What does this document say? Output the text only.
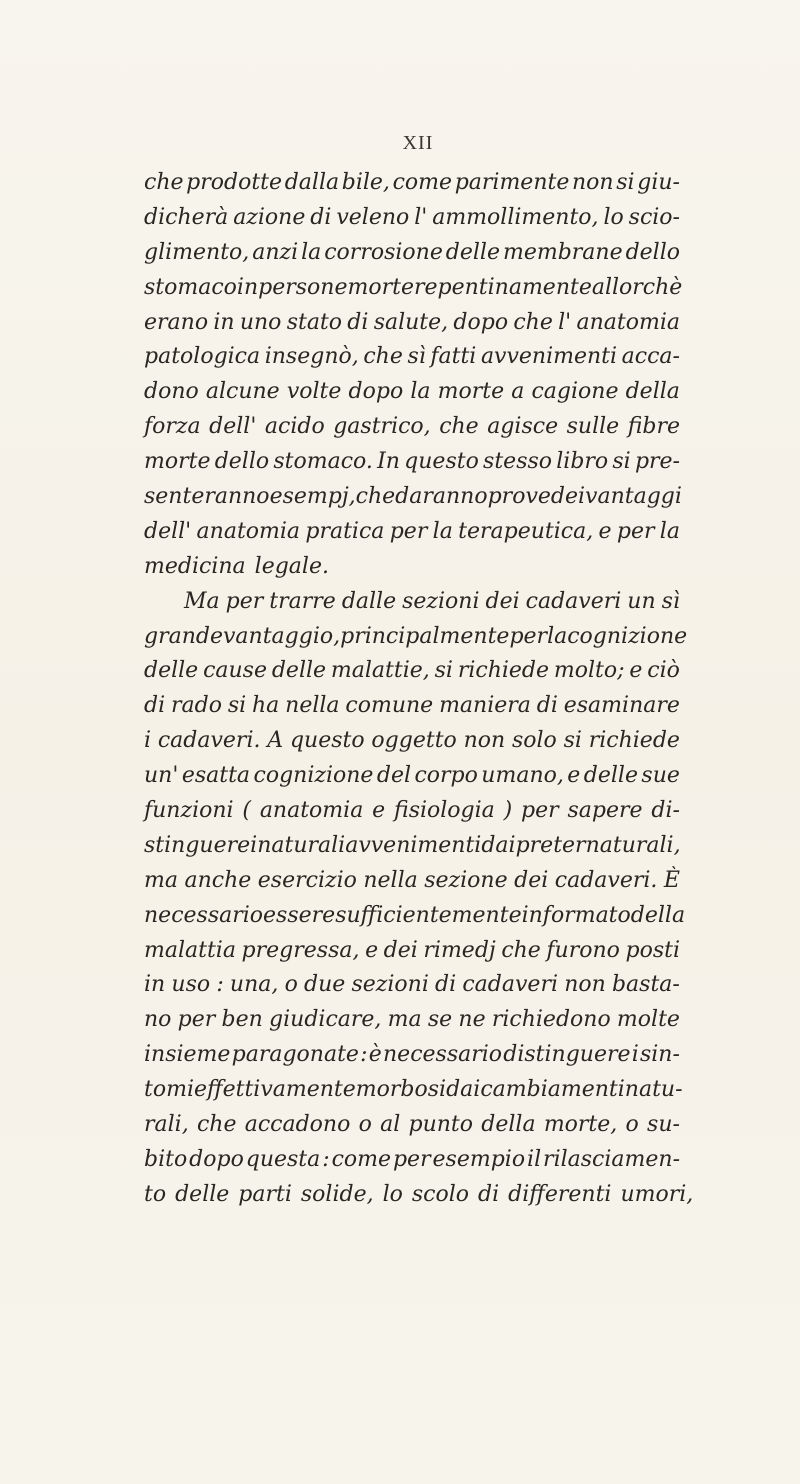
XII
che prodotte dalla bile, come parimente non si giu-
dicherà azione di veleno l' ammollimento, lo scio-
glimento, anzi la corrosione delle membrane dello
stomaco in persone morte repentinamente allorchè
erano in uno stato di salute, dopo che l' anatomia
patologica insegnò, che sì fatti avvenimenti acca-
dono alcune volte dopo la morte a cagione della
forza dell' acido gastrico, che agisce sulle fibre
morte dello stomaco. In questo stesso libro si pre-
senteranno esempj, che daranno prove dei vantaggi
dell' anatomia pratica per la terapeutica, e per la
medicina legale.
Ma per trarre dalle sezioni dei cadaveri un sì
grande vantaggio, principalmente per la cognizione
delle cause delle malattie, si richiede molto; e ciò
di rado si ha nella comune maniera di esaminare
i cadaveri. A questo oggetto non solo si richiede
un' esatta cognizione del corpo umano, e delle sue
funzioni ( anatomia e fisiologia ) per sapere di-
stinguere i naturali avvenimenti dai preternaturali,
ma anche esercizio nella sezione dei cadaveri. È
necessario essere sufficientemente informato della
malattia pregressa, e dei rimedj che furono posti
in uso : una, o due sezioni di cadaveri non basta-
no per ben giudicare, ma se ne richiedono molte
insieme paragonate : è necessario distinguere i sin-
tomi effettivamente morbosi dai cambiamenti natu-
rali, che accadono o al punto della morte, o su-
bito dopo questa : come per esempio il rilasciamen-
to delle parti solide, lo scolo di differenti umori,
